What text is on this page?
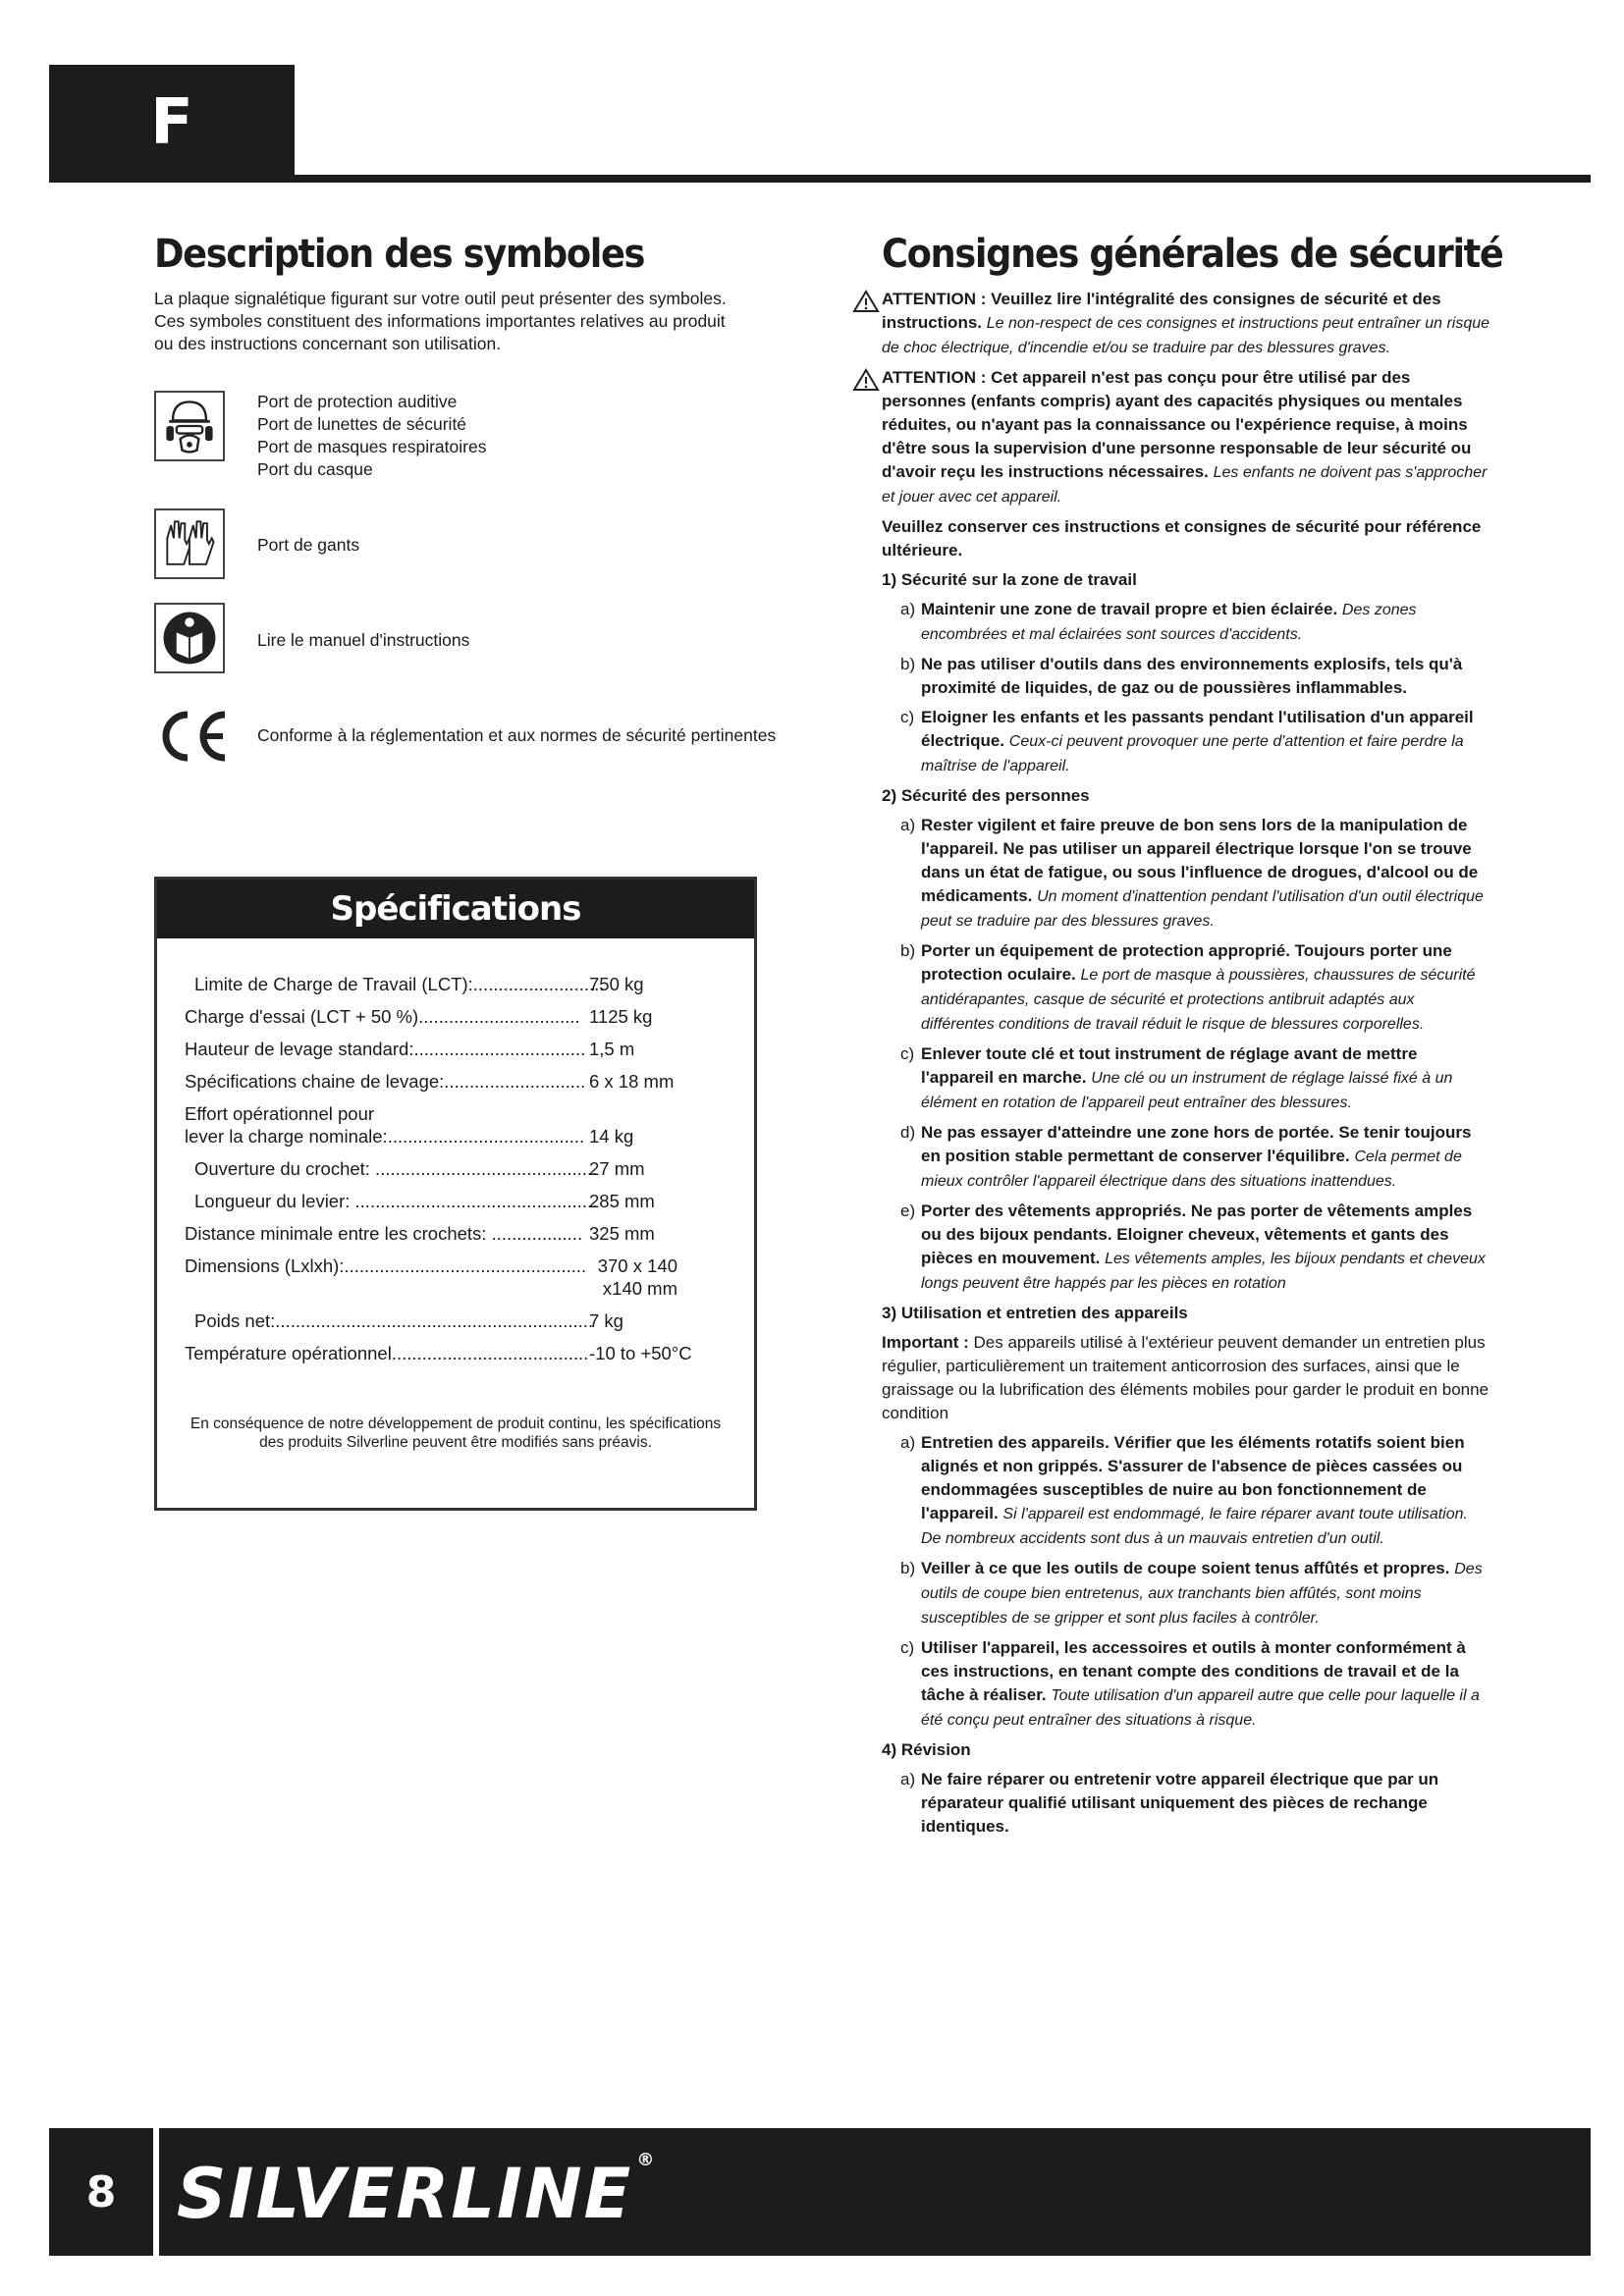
F
Description des symboles

La plaque signalétique figurant sur votre outil peut présenter des symboles. Ces symboles constituent des informations importantes relatives au produit ou des instructions concernant son utilisation.

Port de protection auditive
Port de lunettes de sécurité
Port de masques respiratoires
Port du casque
Port de gants
Lire le manuel d'instructions
Conforme à la réglementation et aux normes de sécurité pertinentes
Spécifications
Limite de Charge de Travail (LCT):..........................
750 kg
Charge d'essai (LCT + 50 %)................................ 1125 kg
Hauteur de levage standard:.................................. 1,5 m
Spécifications chaine de levage:............................ 6 x 18 mm
Effort opérationnel pour
lever la charge nominale:....................................... 14 kg
Ouverture du crochet: ............................................
27 mm
Longueur du levier: ................................................
285 mm
Distance minimale entre les crochets: .................. 325 mm
Dimensions (Lxlxh):................................................ 370 x 140
x140 mm
Poids net:...............................................................
7 kg
Température opérationnel....................................... -10 to +50°C

En conséquence de notre développement de produit continu, les spécifications des produits Silverline peuvent être modifiés sans préavis.

Consignes générales de sécurité

ATTENTION : Veuillez lire l'intégralité des consignes de sécurité et des instructions. Le non-respect de ces consignes et instructions peut entraîner un risque de choc électrique, d'incendie et/ou se traduire par des blessures graves.

ATTENTION : Cet appareil n'est pas conçu pour être utilisé par des personnes (enfants compris) ayant des capacités physiques ou mentales réduites, ou n'ayant pas la connaissance ou l'expérience requise, à moins d'être sous la supervision d'une personne responsable de leur sécurité ou d'avoir reçu les instructions nécessaires. Les enfants ne doivent pas s'approcher et jouer avec cet appareil.

Veuillez conserver ces instructions et consignes de sécurité pour référence ultérieure.

1) Sécurité sur la zone de travail

a) Maintenir une zone de travail propre et bien éclairée. Des zones encombrées et mal éclairées sont sources d'accidents.
b) Ne pas utiliser d'outils dans des environnements explosifs, tels qu'à proximité de liquides, de gaz ou de poussières inflammables.
c) Eloigner les enfants et les passants pendant l'utilisation d'un appareil électrique. Ceux-ci peuvent provoquer une perte d'attention et faire perdre la maîtrise de l'appareil.

2) Sécurité des personnes

a) Rester vigilent et faire preuve de bon sens lors de la manipulation de l'appareil. Ne pas utiliser un appareil électrique lorsque l'on se trouve dans un état de fatigue, ou sous l'influence de drogues, d'alcool ou de médicaments. Un moment d'inattention pendant l'utilisation d'un outil électrique peut se traduire par des blessures graves.
b) Porter un équipement de protection approprié. Toujours porter une protection oculaire. Le port de masque à poussières, chaussures de sécurité antidérapantes, casque de sécurité et protections antibruit adaptés aux différentes conditions de travail réduit le risque de blessures corporelles.
c) Enlever toute clé et tout instrument de réglage avant de mettre l'appareil en marche. Une clé ou un instrument de réglage laissé fixé à un élément en rotation de l'appareil peut entraîner des blessures.
d) Ne pas essayer d'atteindre une zone hors de portée. Se tenir toujours en position stable permettant de conserver l'équilibre. Cela permet de mieux contrôler l'appareil électrique dans des situations inattendues.
e) Porter des vêtements appropriés. Ne pas porter de vêtements amples ou des bijoux pendants. Eloigner cheveux, vêtements et gants des pièces en mouvement. Les vêtements amples, les bijoux pendants et cheveux longs peuvent être happés par les pièces en rotation

3) Utilisation et entretien des appareils

Important : Des appareils utilisé à l'extérieur peuvent demander un entretien plus régulier, particulièrement un traitement anticorrosion des surfaces, ainsi que le graissage ou la lubrification des éléments mobiles pour garder le produit en bonne condition

a) Entretien des appareils. Vérifier que les éléments rotatifs soient bien alignés et non grippés. S'assurer de l'absence de pièces cassées ou endommagées susceptibles de nuire au bon fonctionnement de l'appareil. Si l'appareil est endommagé, le faire réparer avant toute utilisation. De nombreux accidents sont dus à un mauvais entretien d'un outil.
b) Veiller à ce que les outils de coupe soient tenus affûtés et propres. Des outils de coupe bien entretenus, aux tranchants bien affûtés, sont moins susceptibles de se gripper et sont plus faciles à contrôler.
c) Utiliser l'appareil, les accessoires et outils à monter conformément à ces instructions, en tenant compte des conditions de travail et de la tâche à réaliser. Toute utilisation d'un appareil autre que celle pour laquelle il a été conçu peut entraîner des situations à risque.

4) Révision

a) Ne faire réparer ou entretenir votre appareil électrique que par un réparateur qualifié utilisant uniquement des pièces de rechange identiques.
8 SILVERLINE ®
